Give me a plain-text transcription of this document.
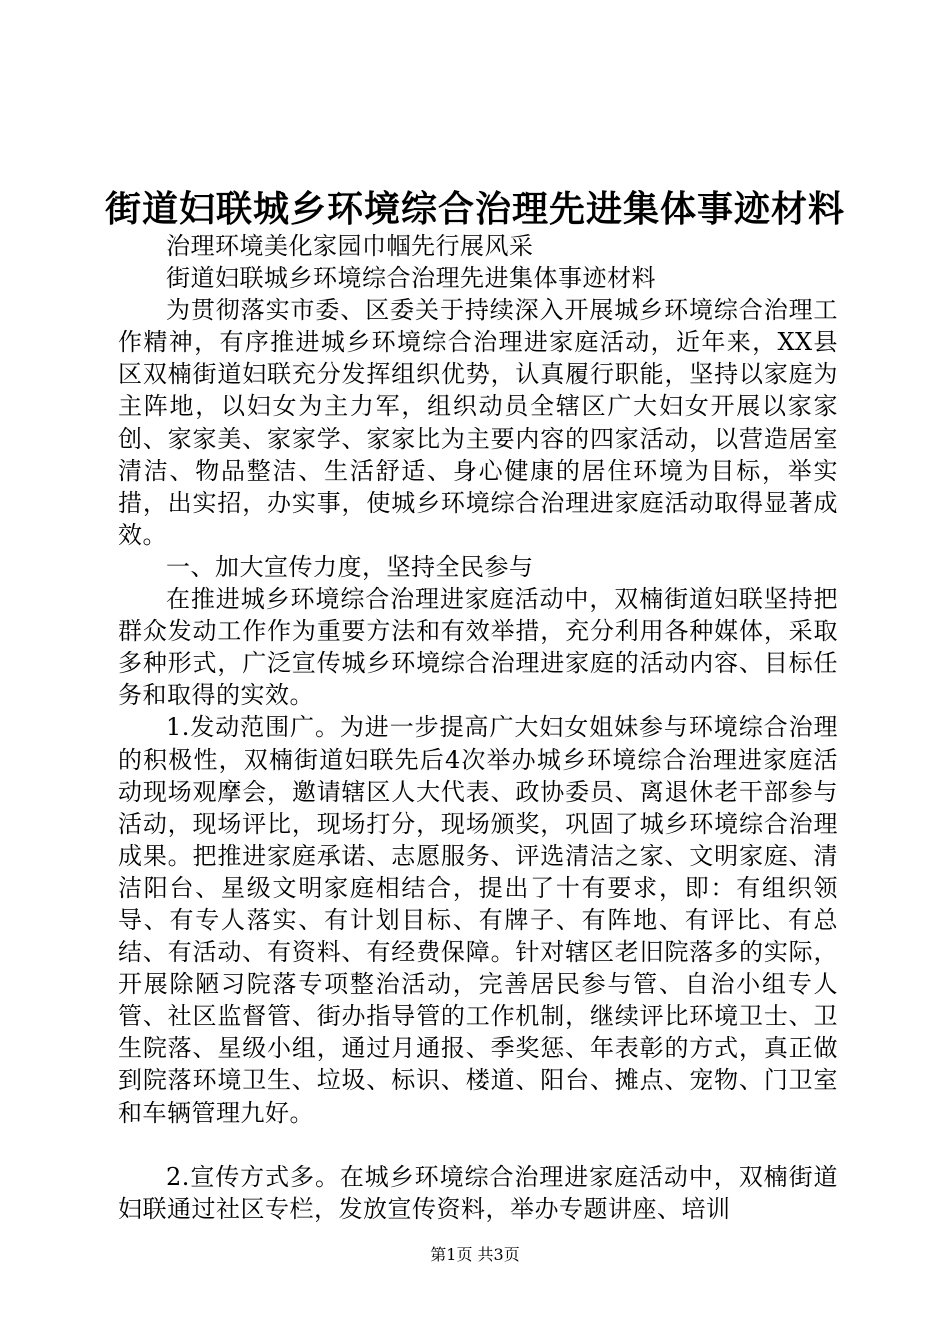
街道妇联城乡环境综合治理先进集体事迹材料

治理环境美化家园巾帼先行展风采

街道妇联城乡环境综合治理先进集体事迹材料

为贯彻落实市委、区委关于持续深入开展城乡环境综合治理工作精神，有序推进城乡环境综合治理进家庭活动，近年来，XX县区双楠街道妇联充分发挥组织优势，认真履行职能，坚持以家庭为主阵地，以妇女为主力军，组织动员全辖区广大妇女开展以家家创、家家美、家家学、家家比为主要内容的四家活动，以营造居室清洁、物品整洁、生活舒适、身心健康的居住环境为目标，举实措，出实招，办实事，使城乡环境综合治理进家庭活动取得显著成效。

一、加大宣传力度，坚持全民参与

在推进城乡环境综合治理进家庭活动中，双楠街道妇联坚持把群众发动工作作为重要方法和有效举措，充分利用各种媒体，采取多种形式，广泛宣传城乡环境综合治理进家庭的活动内容、目标任务和取得的实效。

1.发动范围广。为进一步提高广大妇女姐妹参与环境综合治理的积极性，双楠街道妇联先后4次举办城乡环境综合治理进家庭活动现场观摩会，邀请辖区人大代表、政协委员、离退休老干部参与活动，现场评比，现场打分，现场颁奖，巩固了城乡环境综合治理成果。把推进家庭承诺、志愿服务、评选清洁之家、文明家庭、清洁阳台、星级文明家庭相结合，提出了十有要求，即：有组织领导、有专人落实、有计划目标、有牌子、有阵地、有评比、有总结、有活动、有资料、有经费保障。针对辖区老旧院落多的实际，开展除陋习院落专项整治活动，完善居民参与管、自治小组专人管、社区监督管、街办指导管的工作机制，继续评比环境卫士、卫生院落、星级小组，通过月通报、季奖惩、年表彰的方式，真正做到院落环境卫生、垃圾、标识、楼道、阳台、摊点、宠物、门卫室和车辆管理九好。

2.宣传方式多。在城乡环境综合治理进家庭活动中，双楠街道妇联通过社区专栏，发放宣传资料，举办专题讲座、培训

第1页 共3页
